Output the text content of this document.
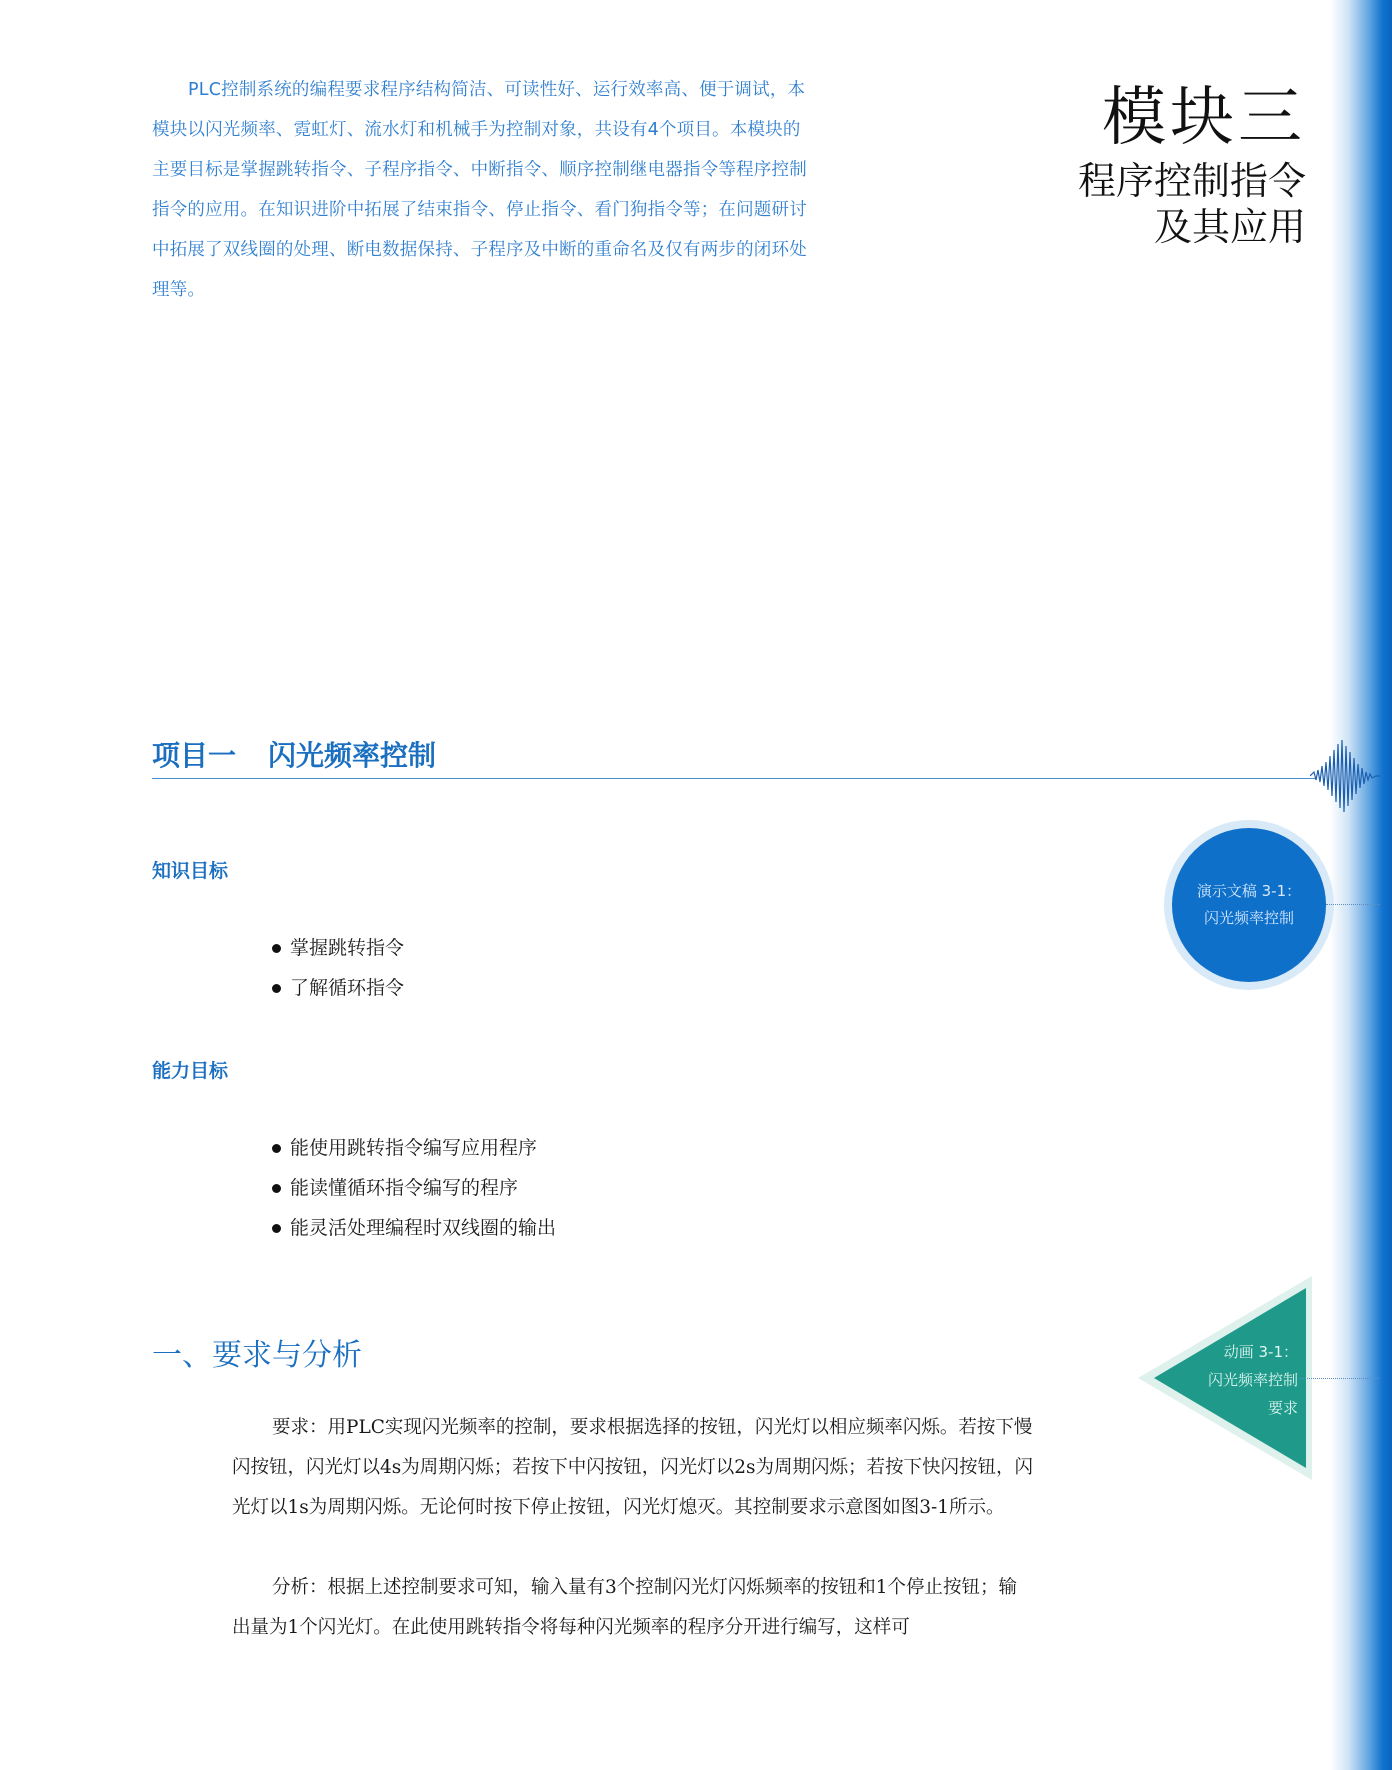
PLC控制系统的编程要求程序结构简洁、可读性好、运行效率高、便于调试，本模块以闪光频率、霓虹灯、流水灯和机械手为控制对象，共设有4个项目。本模块的主要目标是掌握跳转指令、子程序指令、中断指令、顺序控制继电器指令等程序控制指令的应用。在知识进阶中拓展了结束指令、停止指令、看门狗指令等；在问题研讨中拓展了双线圈的处理、断电数据保持、子程序及中断的重命名及仅有两步的闭环处理等。

模块三
程序控制指令
及其应用
项目一 闪光频率控制
知识目标
掌握跳转指令
了解循环指令
能力目标
能使用跳转指令编写应用程序
能读懂循环指令编写的程序
能灵活处理编程时双线圈的输出
一、要求与分析

要求：用PLC实现闪光频率的控制，要求根据选择的按钮，闪光灯以相应频率闪烁。若按下慢闪按钮，闪光灯以4s为周期闪烁；若按下中闪按钮，闪光灯以2s为周期闪烁；若按下快闪按钮，闪光灯以1s为周期闪烁。无论何时按下停止按钮，闪光灯熄灭。其控制要求示意图如图3-1所示。

分析：根据上述控制要求可知，输入量有3个控制闪光灯闪烁频率的按钮和1个停止按钮；输出量为1个闪光灯。在此使用跳转指令将每种闪光频率的程序分开进行编写，这样可

演示文稿 3-1：
闪光频率控制
动画 3-1：
闪光频率控制
要求
